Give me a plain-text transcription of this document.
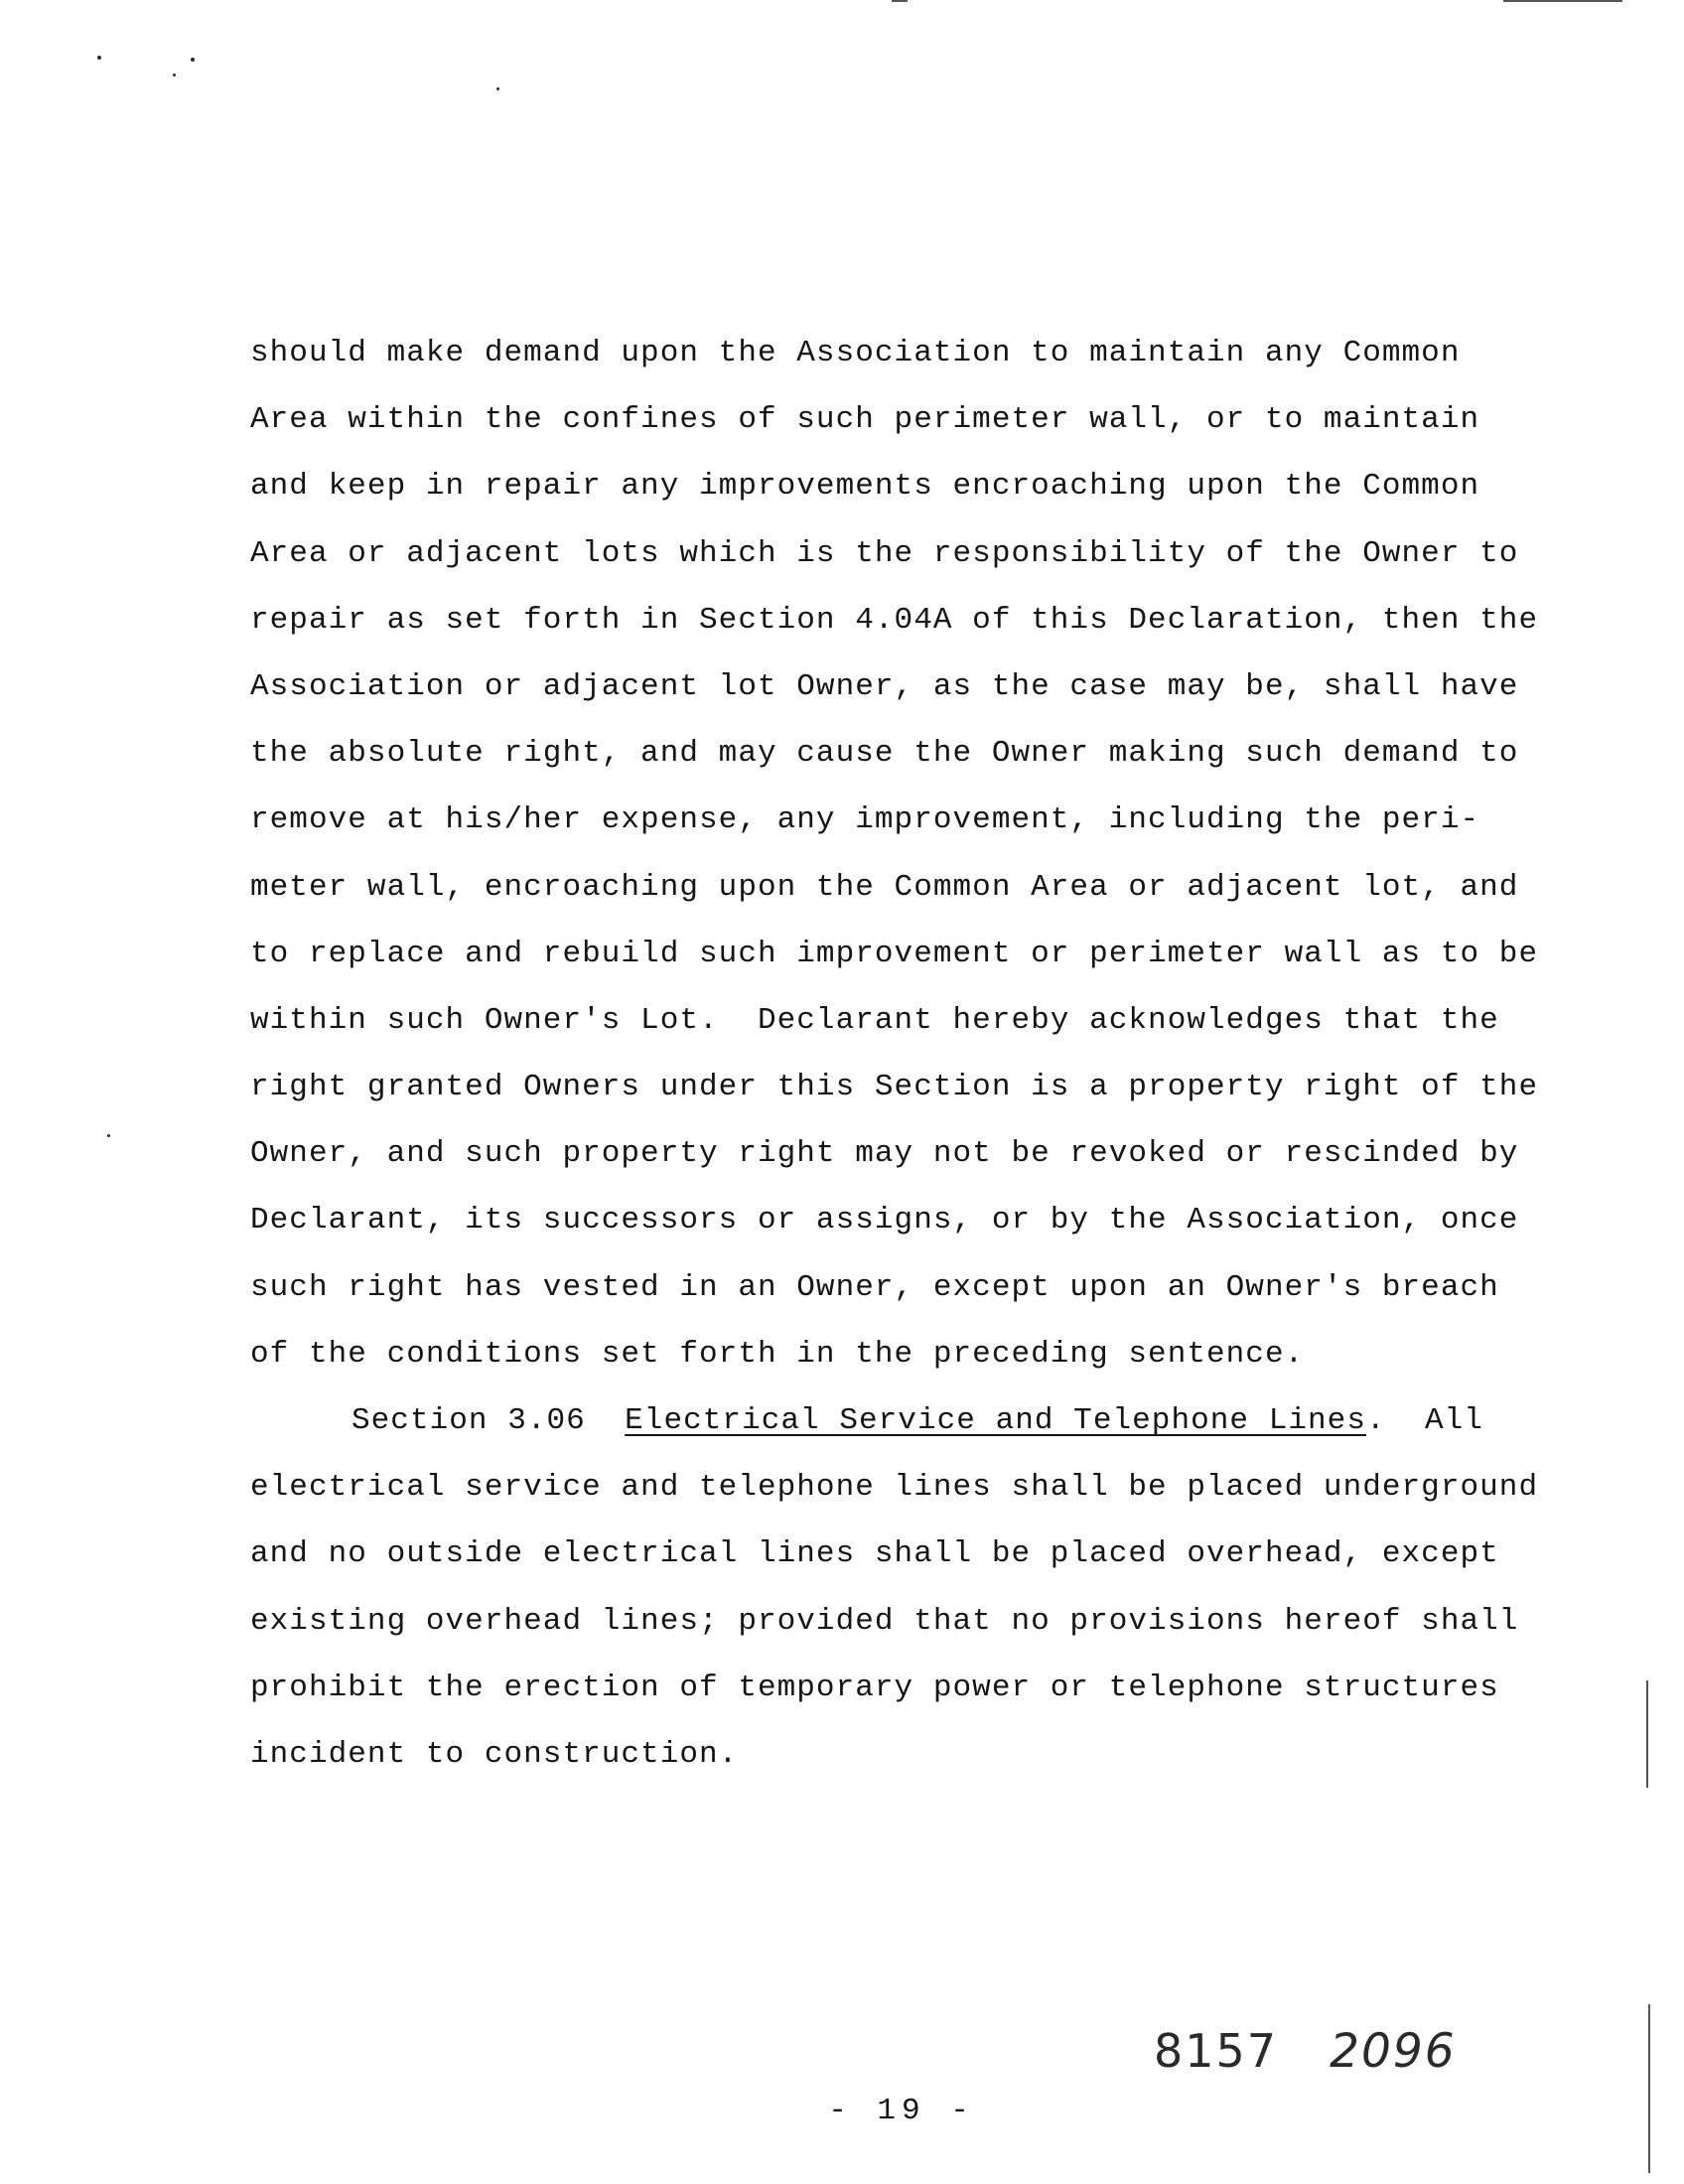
should make demand upon the Association to maintain any Common
Area within the confines of such perimeter wall, or to maintain
and keep in repair any improvements encroaching upon the Common
Area or adjacent lots which is the responsibility of the Owner to
repair as set forth in Section 4.04A of this Declaration, then the
Association or adjacent lot Owner, as the case may be, shall have
the absolute right, and may cause the Owner making such demand to
remove at his/her expense, any improvement, including the peri-
meter wall, encroaching upon the Common Area or adjacent lot, and
to replace and rebuild such improvement or perimeter wall as to be
within such Owner's Lot.  Declarant hereby acknowledges that the
right granted Owners under this Section is a property right of the
Owner, and such property right may not be revoked or rescinded by
Declarant, its successors or assigns, or by the Association, once
such right has vested in an Owner, except upon an Owner's breach
of the conditions set forth in the preceding sentence.
Section 3.06 Electrical Service and Telephone Lines.  All
electrical service and telephone lines shall be placed underground
and no outside electrical lines shall be placed overhead, except
existing overhead lines; provided that no provisions hereof shall
prohibit the erection of temporary power or telephone structures
incident to construction.
8157 2096
- 19 -
